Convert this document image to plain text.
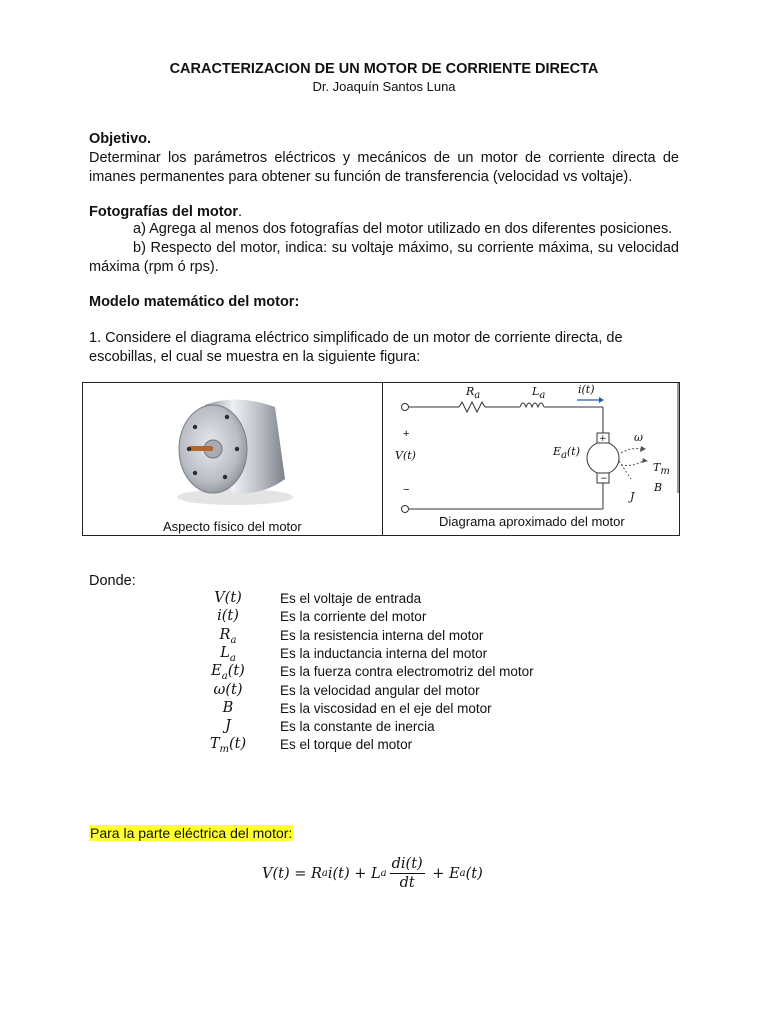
CARACTERIZACION DE UN MOTOR DE CORRIENTE DIRECTA
Dr. Joaquín Santos Luna
Objetivo.
Determinar los parámetros eléctricos y mecánicos de un motor de corriente directa de imanes permanentes para obtener su función de transferencia (velocidad vs voltaje).
Fotografías del motor.
a) Agrega al menos dos fotografías del motor utilizado en dos diferentes posiciones.
b) Respecto del motor, indica: su voltaje máximo, su corriente máxima, su velocidad máxima (rpm ó rps).
Modelo matemático del motor:
1. Considere el diagrama eléctrico simplificado de un motor de corriente directa, de escobillas, el cual se muestra en la siguiente figura:
Aspecto físico del motor
+
−
$R_a$	$L_a$	i(t)
+
V(t)
−
$E_a(t)$
ω
$T_m$
B
J
Diagrama aproximado del motor
Donde:
V(t)	Es el voltaje de entrada
i(t)	Es la corriente del motor
$R_a$	Es la resistencia interna del motor
$L_a$	Es la inductancia interna del motor
$E_a(t)$	Es la fuerza contra electromotriz del motor
ω(t)	Es la velocidad angular del motor
B	Es la viscosidad en el eje del motor
J	Es la constante de inercia
$T_m(t)$	Es el torque del motor
Para la parte eléctrica del motor:
V(t) = R a i(t) + L a $\frac{di(t)}{dt} + E$ a (t)
